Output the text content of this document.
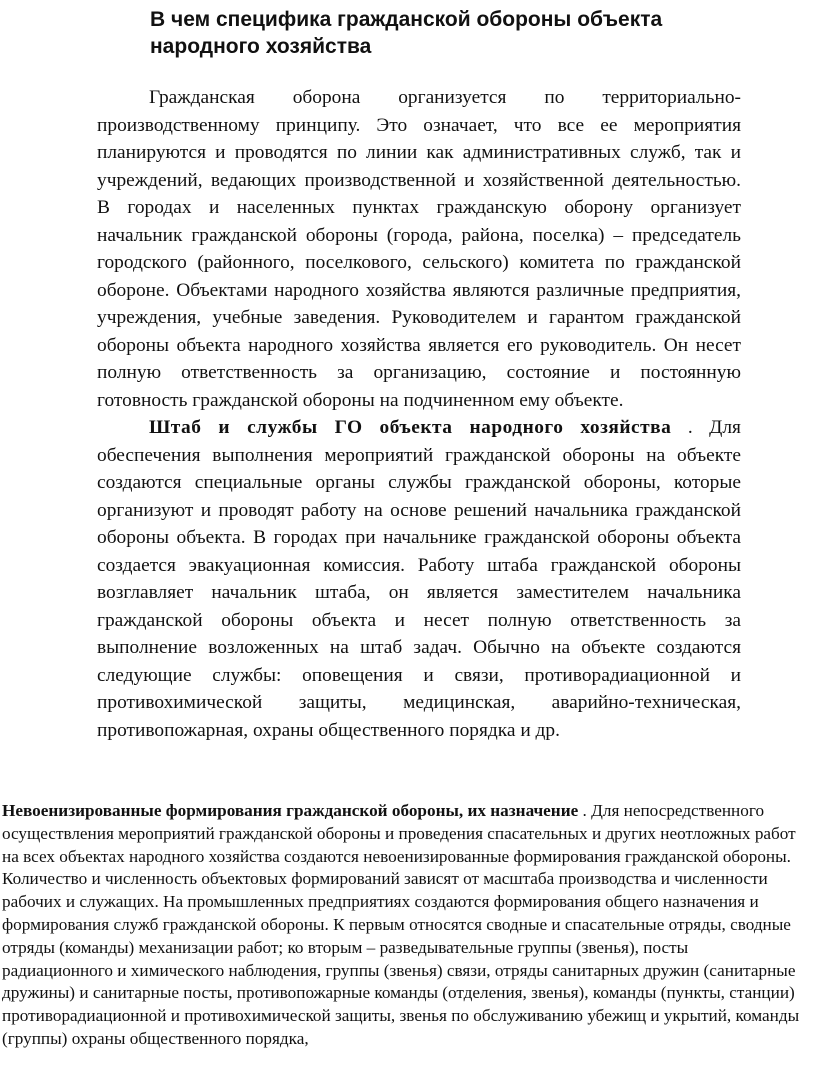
В чем специфика гражданской обороны объекта народного хозяйства

Гражданская оборона организуется по территориально-производственному принципу. Это означает, что все ее мероприятия планируются и проводятся по линии как административных служб, так и учреждений, ведающих производственной и хозяйственной деятельностью. В городах и населенных пунктах гражданскую оборону организует начальник гражданской обороны (города, района, поселка) – председатель городского (районного, поселкового, сельского) комитета по гражданской обороне. Объектами народного хозяйства являются различные предприятия, учреждения, учебные заведения. Руководителем и гарантом гражданской обороны объекта народного хозяйства является его руководитель. Он несет полную ответственность за организацию, состояние и постоянную готовность гражданской обороны на подчиненном ему объекте.

Штаб и службы ГО объекта народного хозяйства . Для обеспечения выполнения мероприятий гражданской обороны на объекте создаются специальные органы службы гражданской обороны, которые организуют и проводят работу на основе решений начальника гражданской обороны объекта. В городах при начальнике гражданской обороны объекта создается эвакуационная комиссия. Работу штаба гражданской обороны возглавляет начальник штаба, он является заместителем начальника гражданской обороны объекта и несет полную ответственность за выполнение возложенных на штаб задач. Обычно на объекте создаются следующие службы: оповещения и связи, противорадиационной и противохимической защиты, медицинская, аварийно-техническая, противопожарная, охраны общественного порядка и др.

Невоенизированные формирования гражданской обороны, их назначение . Для непосредственного осуществления мероприятий гражданской обороны и проведения спасательных и других неотложных работ на всех объектах народного хозяйства создаются невоенизированные формирования гражданской обороны. Количество и численность объектовых формирований зависят от масштаба производства и численности рабочих и служащих. На промышленных предприятиях создаются формирования общего назначения и формирования служб гражданской обороны. К первым относятся сводные и спасательные отряды, сводные отряды (команды) механизации работ; ко вторым – разведывательные группы (звенья), посты радиационного и химического наблюдения, группы (звенья) связи, отряды санитарных дружин (санитарные дружины) и санитарные посты, противопожарные команды (отделения, звенья), команды (пункты, станции) противорадиационной и противохимической защиты, звенья по обслуживанию убежищ и укрытий, команды (группы) охраны общественного порядка,
